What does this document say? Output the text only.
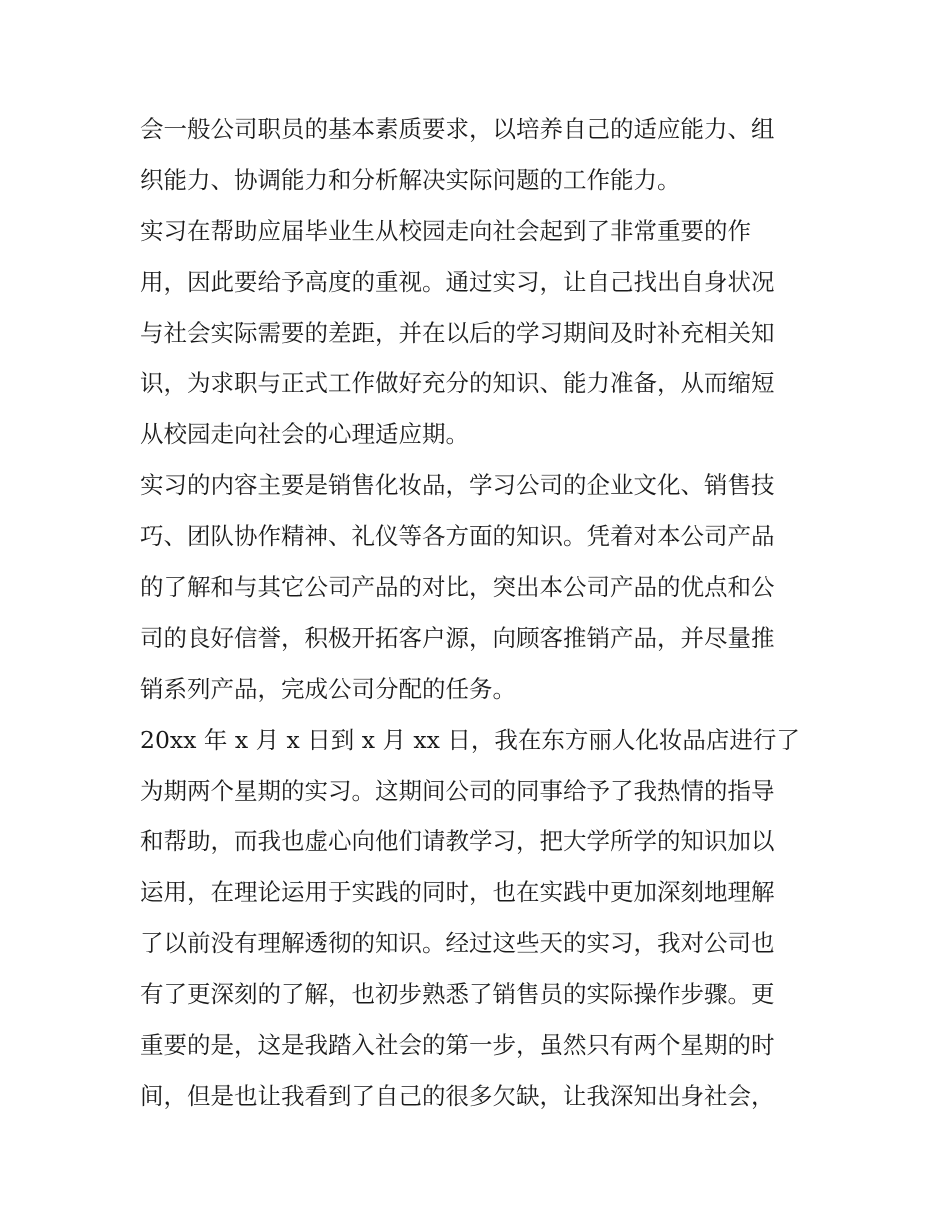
会一般公司职员的基本素质要求，以培养自己的适应能力、组
织能力、协调能力和分析解决实际问题的工作能力。
实习在帮助应届毕业生从校园走向社会起到了非常重要的作
用，因此要给予高度的重视。通过实习，让自己找出自身状况
与社会实际需要的差距，并在以后的学习期间及时补充相关知
识，为求职与正式工作做好充分的知识、能力准备，从而缩短
从校园走向社会的心理适应期。
实习的内容主要是销售化妆品，学习公司的企业文化、销售技
巧、团队协作精神、礼仪等各方面的知识。凭着对本公司产品
的了解和与其它公司产品的对比，突出本公司产品的优点和公
司的良好信誉，积极开拓客户源，向顾客推销产品，并尽量推
销系列产品，完成公司分配的任务。
20xx 年 x 月 x 日到 x 月 xx 日，我在东方丽人化妆品店进行了
为期两个星期的实习。这期间公司的同事给予了我热情的指导
和帮助，而我也虚心向他们请教学习，把大学所学的知识加以
运用，在理论运用于实践的同时，也在实践中更加深刻地理解
了以前没有理解透彻的知识。经过这些天的实习，我对公司也
有了更深刻的了解，也初步熟悉了销售员的实际操作步骤。更
重要的是，这是我踏入社会的第一步，虽然只有两个星期的时
间，但是也让我看到了自己的很多欠缺，让我深知出身社会，
